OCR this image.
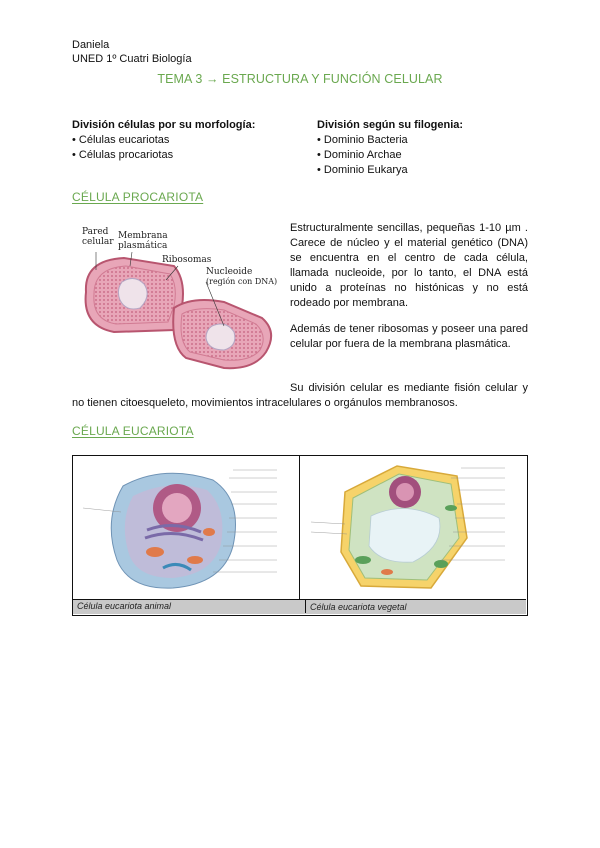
Daniela
UNED 1º Cuatri Biología
TEMA 3 → ESTRUCTURA Y FUNCIÓN CELULAR
División células por su morfología:
• Células eucariotas
• Células procariotas
División según su filogenia:
• Dominio Bacteria
• Dominio Archae
• Dominio Eukarya
CÉLULA PROCARIOTA
Pared
celular
Membrana
plasmática
Ribosomas
Nucleoide
(región con DNA)
Estructuralmente sencillas, pequeñas 1-10 µm . Carece de núcleo y el material genético (DNA) se encuentra en el centro de cada célula, llamada nucleoide, por lo tanto, el DNA está unido a proteínas no histónicas y no está rodeado por membrana.
Además de tener ribosomas y poseer una pared celular por fuera de la membrana plasmática.
Su división celular es mediante fisión celular y no tienen citoesqueleto, movimientos intracelulares o orgánulos membranosos.
CÉLULA EUCARIOTA
Célula eucariota animal	Célula eucariota vegetal
